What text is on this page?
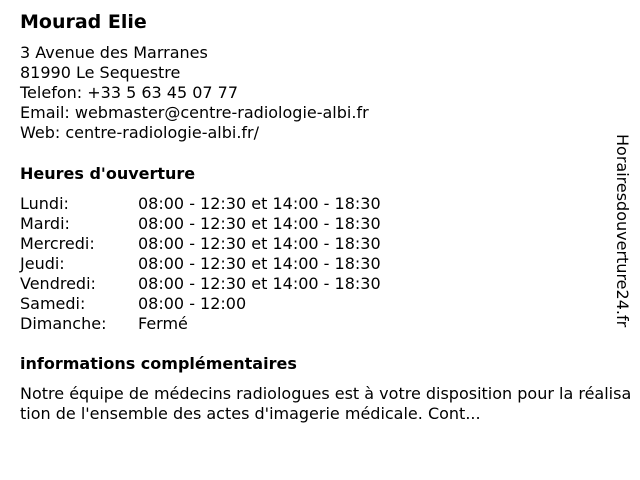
Mourad Elie
3 Avenue des Marranes
81990 Le Sequestre
Telefon: +33 5 63 45 07 77
Email: webmaster@centre-radiologie-albi.fr
Web: centre-radiologie-albi.fr/
Heures d'ouverture
Lundi:	08:00 - 12:30 et 14:00 - 18:30
Mardi:	08:00 - 12:30 et 14:00 - 18:30
Mercredi:	08:00 - 12:30 et 14:00 - 18:30
Jeudi:	08:00 - 12:30 et 14:00 - 18:30
Vendredi:	08:00 - 12:30 et 14:00 - 18:30
Samedi:	08:00 - 12:00
Dimanche:	Fermé
informations complémentaires
Notre équipe de médecins radiologues est à votre disposition pour la réalisation de l'ensemble des actes d'imagerie médicale. Cont...
Horairesdouverture24.fr
